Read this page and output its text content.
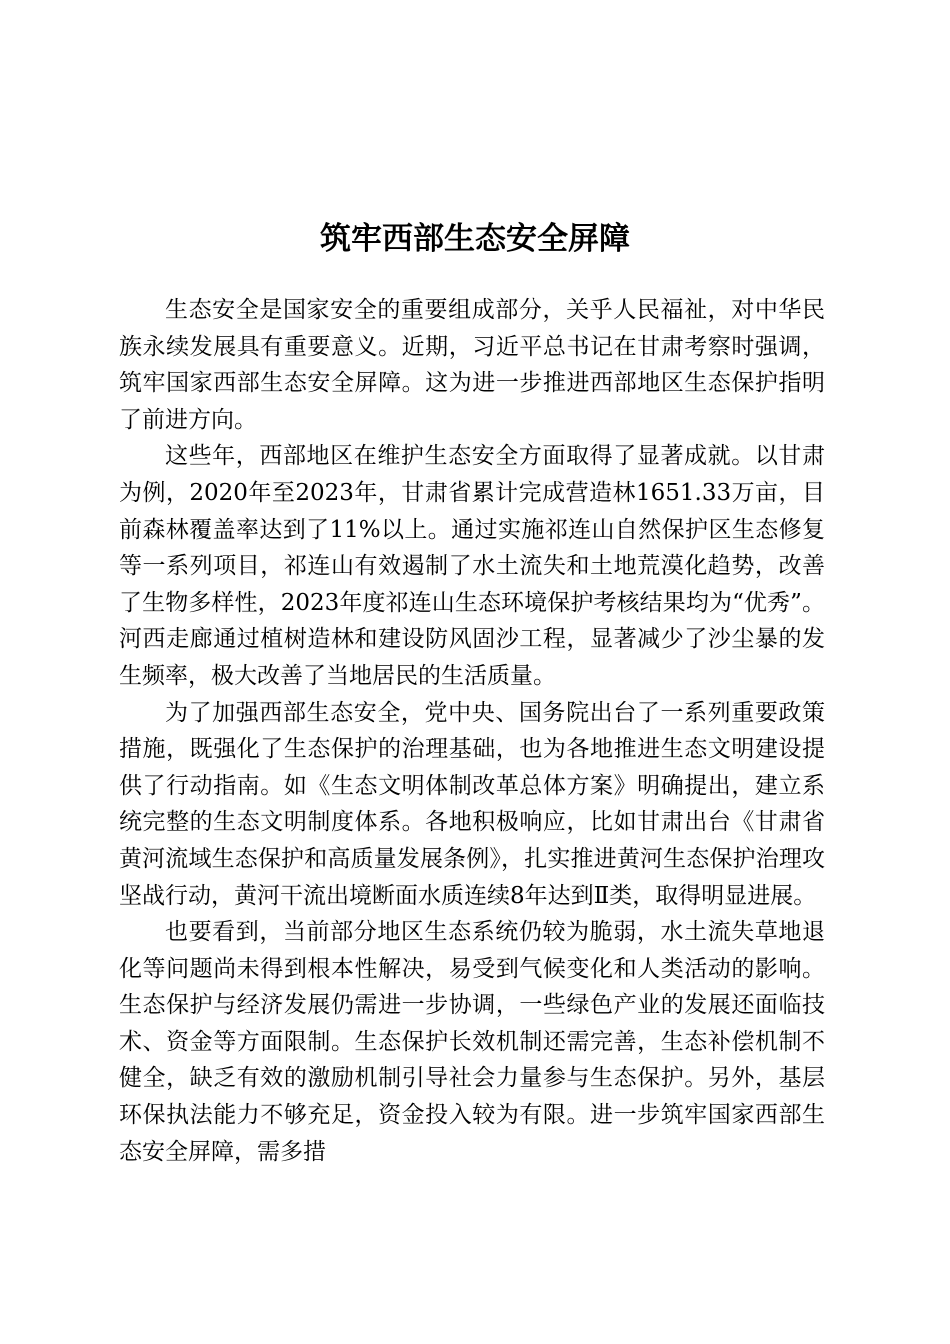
筑牢西部生态安全屏障

生态安全是国家安全的重要组成部分，关乎人民福祉，对中华民族永续发展具有重要意义。近期，习近平总书记在甘肃考察时强调，筑牢国家西部生态安全屏障。这为进一步推进西部地区生态保护指明了前进方向。

这些年，西部地区在维护生态安全方面取得了显著成就。以甘肃为例，2020年至2023年，甘肃省累计完成营造林1651.33万亩，目前森林覆盖率达到了11%以上。通过实施祁连山自然保护区生态修复等一系列项目，祁连山有效遏制了水土流失和土地荒漠化趋势，改善了生物多样性，2023年度祁连山生态环境保护考核结果均为“优秀”。河西走廊通过植树造林和建设防风固沙工程，显著减少了沙尘暴的发生频率，极大改善了当地居民的生活质量。

为了加强西部生态安全，党中央、国务院出台了一系列重要政策措施，既强化了生态保护的治理基础，也为各地推进生态文明建设提供了行动指南。如《生态文明体制改革总体方案》明确提出，建立系统完整的生态文明制度体系。各地积极响应，比如甘肃出台《甘肃省黄河流域生态保护和高质量发展条例》，扎实推进黄河生态保护治理攻坚战行动，黄河干流出境断面水质连续8年达到Ⅱ类，取得明显进展。

也要看到，当前部分地区生态系统仍较为脆弱，水土流失草地退化等问题尚未得到根本性解决，易受到气候变化和人类活动的影响。生态保护与经济发展仍需进一步协调，一些绿色产业的发展还面临技术、资金等方面限制。生态保护长效机制还需完善，生态补偿机制不健全，缺乏有效的激励机制引导社会力量参与生态保护。另外，基层环保执法能力不够充足，资金投入较为有限。进一步筑牢国家西部生态安全屏障，需多措
